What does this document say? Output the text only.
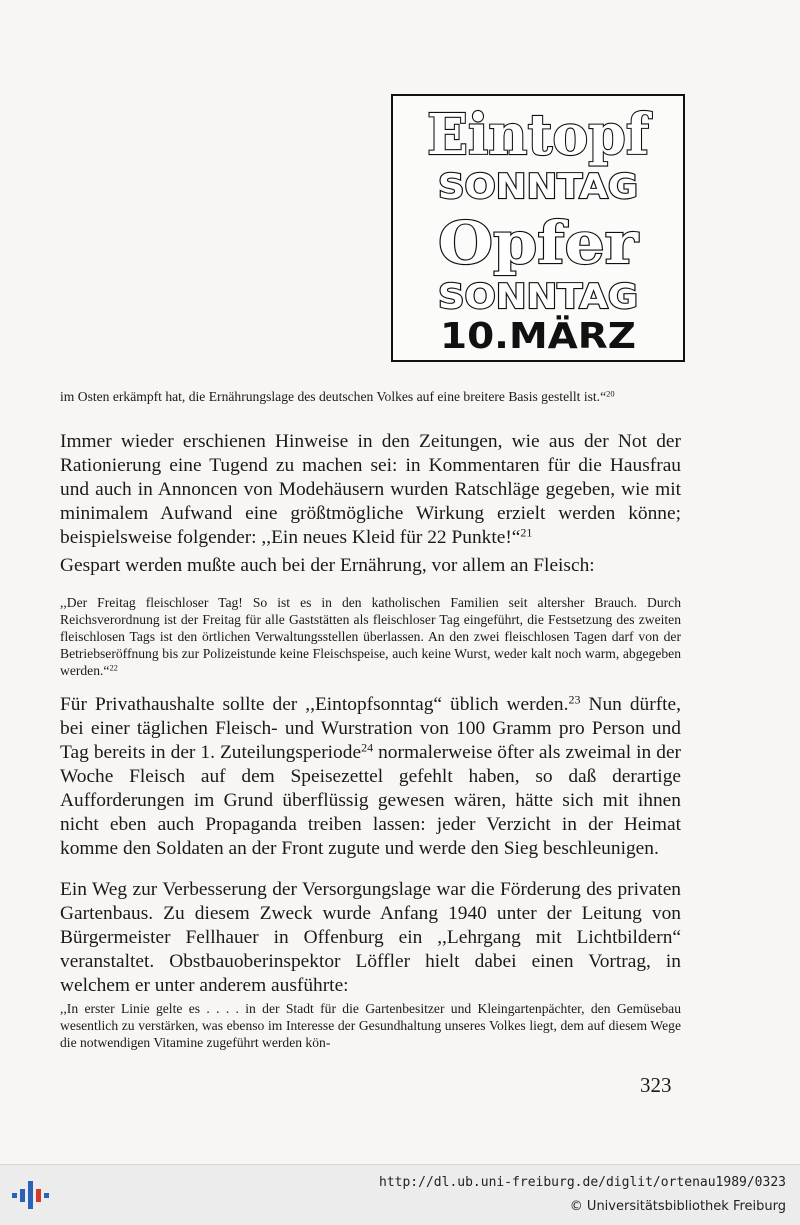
Eintopf
SONNTAG
Opfer
SONNTAG
10.MÄRZ
im Osten erkämpft hat, die Ernährungslage des deutschen Volkes auf eine breitere Basis gestellt ist.“$^{20}$
Immer wieder erschienen Hinweise in den Zeitungen, wie aus der Not der Rationierung eine Tugend zu machen sei: in Kommentaren für die Hausfrau und auch in Annoncen von Modehäusern wurden Ratschläge gegeben, wie mit minimalem Aufwand eine größtmögliche Wirkung erzielt werden könne; beispielsweise folgender: ,,Ein neues Kleid für 22 Punkte!“$^{21}$
Gespart werden mußte auch bei der Ernährung, vor allem an Fleisch:
,,Der Freitag fleischloser Tag! So ist es in den katholischen Familien seit altersher Brauch. Durch Reichsverordnung ist der Freitag für alle Gaststätten als fleischloser Tag eingeführt, die Festsetzung des zweiten fleischlosen Tags ist den örtlichen Verwaltungsstellen überlassen. An den zwei fleischlosen Tagen darf von der Betriebseröffnung bis zur Polizeistunde keine Fleischspeise, auch keine Wurst, weder kalt noch warm, abgegeben werden.“$^{22}$
Für Privathaushalte sollte der ,,Eintopfsonntag“ üblich werden.$^{23}$ Nun dürfte, bei einer täglichen Fleisch- und Wurstration von 100 Gramm pro Person und Tag bereits in der 1. Zuteilungsperiode$^{24}$ normalerweise öfter als zweimal in der Woche Fleisch auf dem Speisezettel gefehlt haben, so daß derartige Aufforderungen im Grund überflüssig gewesen wären, hätte sich mit ihnen nicht eben auch Propaganda treiben lassen: jeder Verzicht in der Heimat komme den Soldaten an der Front zugute und werde den Sieg beschleunigen.
Ein Weg zur Verbesserung der Versorgungslage war die Förderung des privaten Gartenbaus. Zu diesem Zweck wurde Anfang 1940 unter der Leitung von Bürgermeister Fellhauer in Offenburg ein ,,Lehrgang mit Lichtbildern“ veranstaltet. Obstbauoberinspektor Löffler hielt dabei einen Vortrag, in welchem er unter anderem ausführte:
,,In erster Linie gelte es . . . . in der Stadt für die Gartenbesitzer und Kleingartenpächter, den Gemüsebau wesentlich zu verstärken, was ebenso im Interesse der Gesundhaltung unseres Volkes liegt, dem auf diesem Wege die notwendigen Vitamine zugeführt werden kön-
323
http://dl.ub.uni-freiburg.de/diglit/ortenau1989/0323
© Universitätsbibliothek Freiburg
